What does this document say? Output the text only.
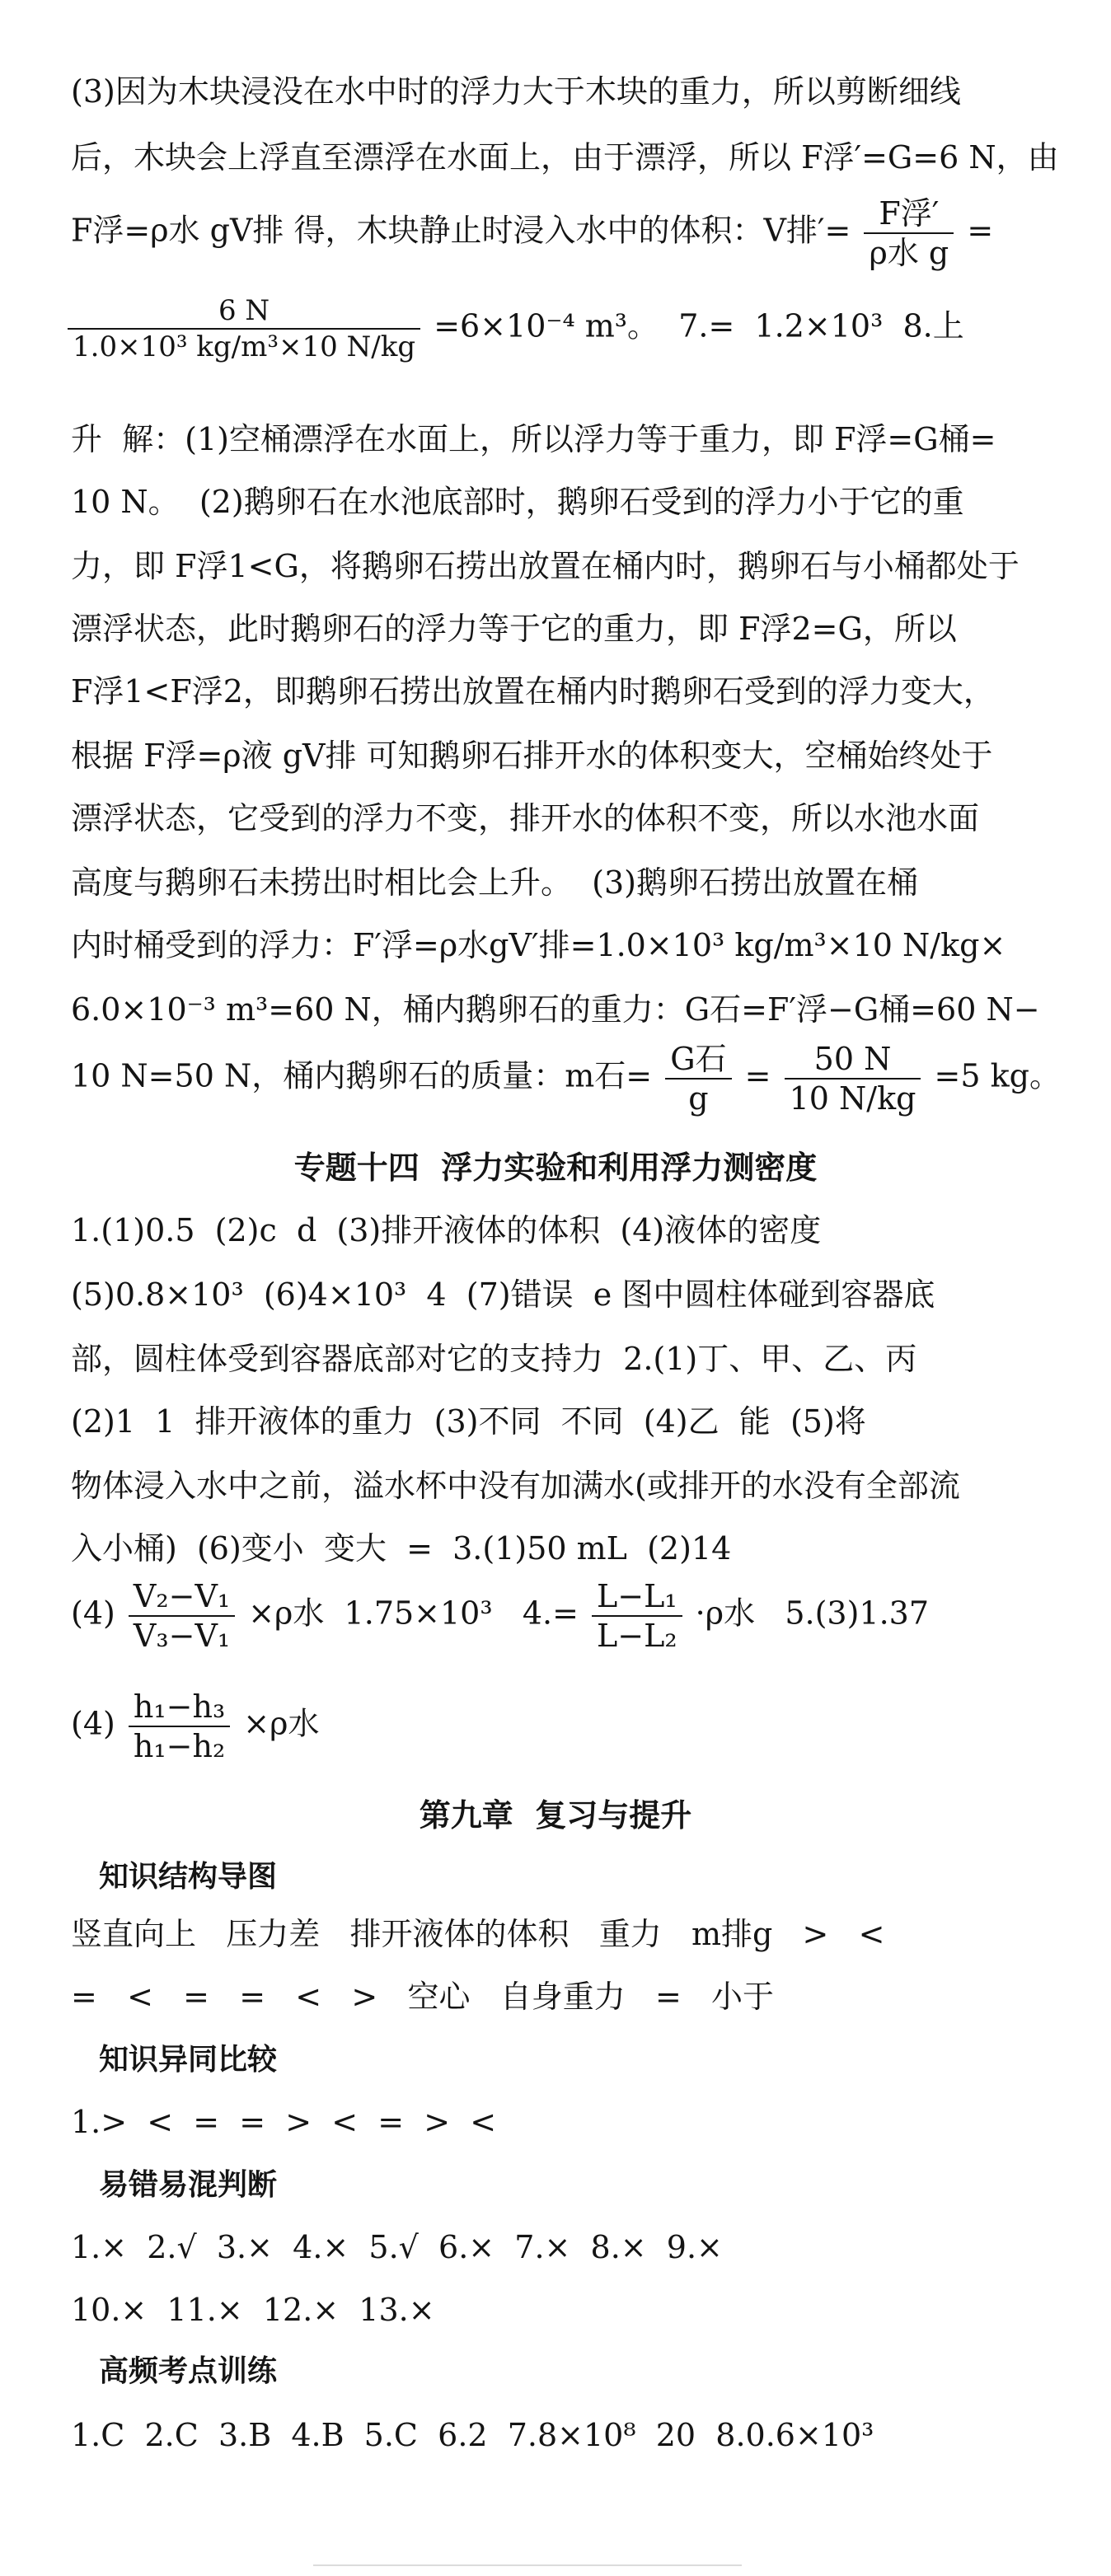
(3)因为木块浸没在水中时的浮力大于木块的重力，所以剪断细线
后，木块会上浮直至漂浮在水面上，由于漂浮，所以 F浮′=G=6 N，由
F浮=ρ水 gV排 得，木块静止时浸入水中的体积：V排′= $\frac{\text{F浮′}}{\text{ρ水 g}}$ =
$\frac{6 N}{\text{1.0×10³ kg/m³×10 N/kg}} =6\times 10^{-4}$ m³。  7.=  1.2×10³  8.上
升  解：(1)空桶漂浮在水面上，所以浮力等于重力，即 F浮=G桶=
10 N。  (2)鹅卵石在水池底部时，鹅卵石受到的浮力小于它的重
力，即 F浮1<G，将鹅卵石捞出放置在桶内时，鹅卵石与小桶都处于
漂浮状态，此时鹅卵石的浮力等于它的重力，即 F浮2=G，所以
F浮1<F浮2，即鹅卵石捞出放置在桶内时鹅卵石受到的浮力变大，
根据 F浮=ρ液 gV排 可知鹅卵石排开水的体积变大，空桶始终处于
漂浮状态，它受到的浮力不变，排开水的体积不变，所以水池水面
高度与鹅卵石未捞出时相比会上升。  (3)鹅卵石捞出放置在桶
内时桶受到的浮力：F′浮=ρ水gV′排=1.0×10³ kg/m³×10 N/kg×
6.0×10⁻³ m³=60 N，桶内鹅卵石的重力：G石=F′浮−G桶=60 N−
10 N=50 N，桶内鹅卵石的质量：m石= $\frac{\text{G石}}{g} = \frac{50 N}{10 N/kg} =5$ kg。
专题十四  浮力实验和利用浮力测密度
1.(1)0.5  (2)c  d  (3)排开液体的体积  (4)液体的密度
(5)0.8×10³  (6)4×10³  4  (7)错误  e 图中圆柱体碰到容器底
部，圆柱体受到容器底部对它的支持力  2.(1)丁、甲、乙、丙
(2)1  1  排开液体的重力  (3)不同  不同  (4)乙  能  (5)将
物体浸入水中之前，溢水杯中没有加满水(或排开的水没有全部流
入小桶)  (6)变小  变大  =  3.(1)50 mL  (2)14
$(4) \frac{\text{V₂−V₁}}{\text{V₃−V₁}} \times\rho$水  1.75×10³   $4.= \frac{\text{L−L₁}}{\text{L−L₂}} \cdot\rho$水   5.(3)1.37
$(4) \frac{\text{h₁−h₃}}{\text{h₁−h₂}} \times\rho$水
第九章  复习与提升
知识结构导图
竖直向上   压力差   排开液体的体积   重力   m排g   >   <
=   <   =   =   <   >   空心   自身重力   =   小于
知识异同比较
1.>  <  =  =  >  <  =  >  <
易错易混判断
1.×  2.√  3.×  4.×  5.√  6.×  7.×  8.×  9.×
10.×  11.×  12.×  13.×
高频考点训练
1.C  2.C  3.B  4.B  5.C  6.2  7.8×10⁸  20  8.0.6×10³
